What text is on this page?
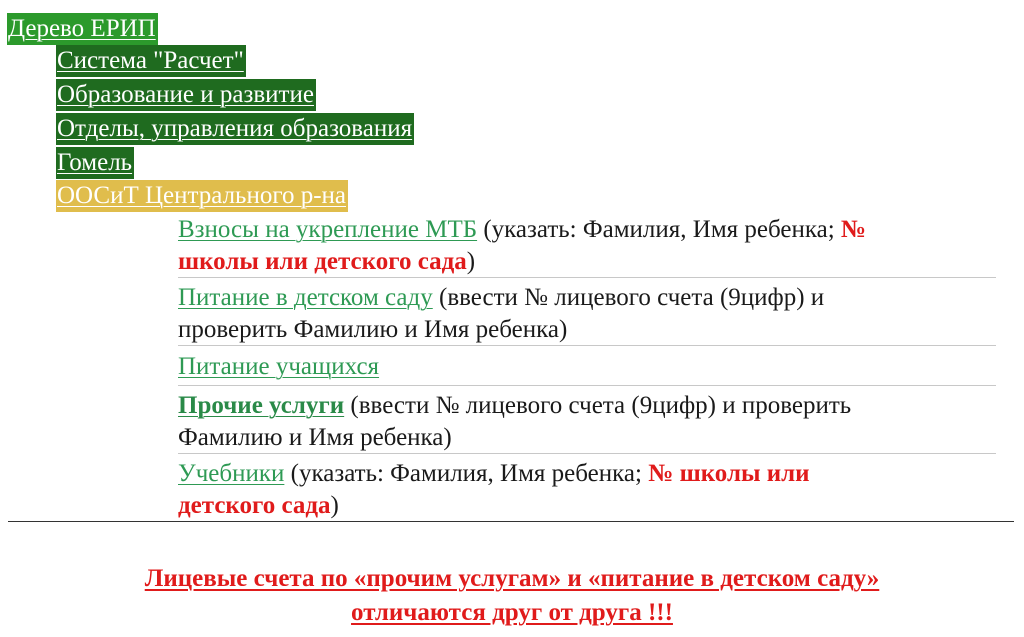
Дерево ЕРИП
Система "Расчет"
Образование и развитие
Отделы, управления образования
Гомель
ООСиТ Центрального р-на
Взносы на укрепление МТБ (указать: Фамилия, Имя ребенка; №
школы или детского сада)
Питание в детском саду (ввести № лицевого счета (9цифр) и
проверить Фамилию и Имя ребенка)
Питание учащихся
Прочие услуги (ввести № лицевого счета (9цифр) и проверить
Фамилию и Имя ребенка)
Учебники (указать: Фамилия, Имя ребенка; № школы или
детского сада)
Лицевые счета по «прочим услугам» и «питание в детском саду»
отличаются друг от друга !!!
